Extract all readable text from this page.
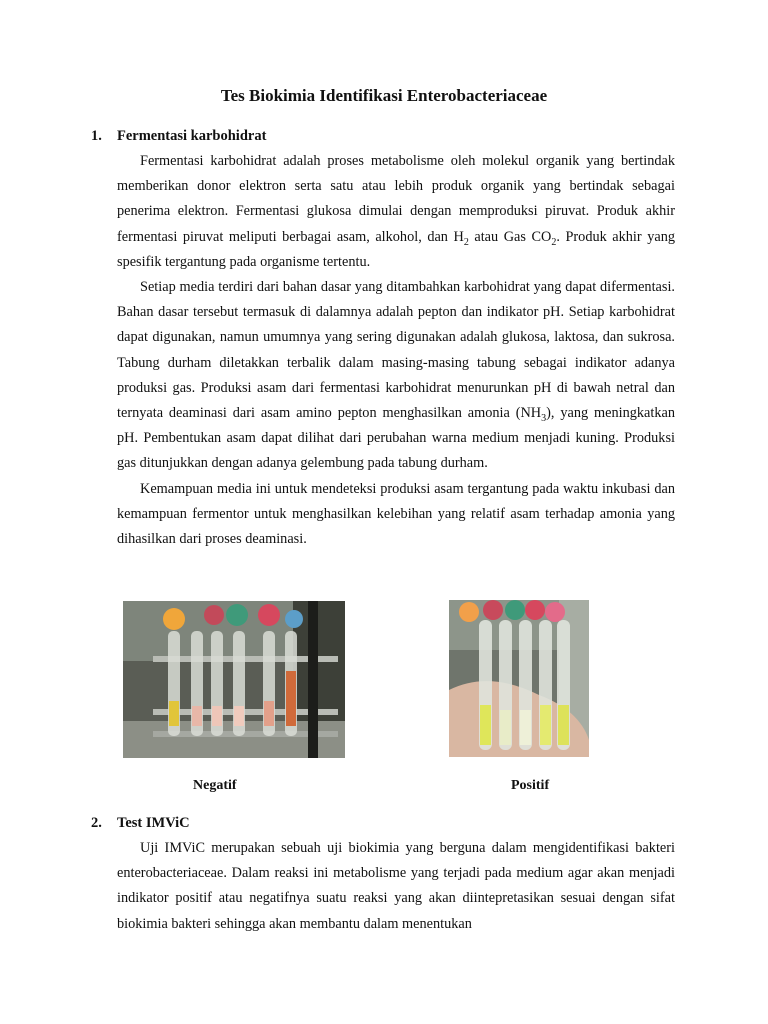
Tes Biokimia Identifikasi Enterobacteriaceae
1. Fermentasi karbohidrat

Fermentasi karbohidrat adalah proses metabolisme oleh molekul organik yang bertindak memberikan donor elektron serta satu atau lebih produk organik yang bertindak sebagai penerima elektron. Fermentasi glukosa dimulai dengan memproduksi piruvat. Produk akhir fermentasi piruvat meliputi berbagai asam, alkohol, dan $H_2$ atau Gas $CO_2$. Produk akhir yang spesifik tergantung pada organisme tertentu.

Setiap media terdiri dari bahan dasar yang ditambahkan karbohidrat yang dapat difermentasi. Bahan dasar tersebut termasuk di dalamnya adalah pepton dan indikator pH. Setiap karbohidrat dapat digunakan, namun umumnya yang sering digunakan adalah glukosa, laktosa, dan sukrosa. Tabung durham diletakkan terbalik dalam masing-masing tabung sebagai indikator adanya produksi gas. Produksi asam dari fermentasi karbohidrat menurunkan pH di bawah netral dan ternyata deaminasi dari asam amino pepton menghasilkan amonia $(NH_3)$, yang meningkatkan pH. Pembentukan asam dapat dilihat dari perubahan warna medium menjadi kuning. Produksi gas ditunjukkan dengan adanya gelembung pada tabung durham.

Kemampuan media ini untuk mendeteksi produksi asam tergantung pada waktu inkubasi dan kemampuan fermentor untuk menghasilkan kelebihan yang relatif asam terhadap amonia yang dihasilkan dari proses deaminasi.

Negatif	Positif
2. Test IMViC

Uji IMViC merupakan sebuah uji biokimia yang berguna dalam mengidentifikasi bakteri enterobacteriaceae. Dalam reaksi ini metabolisme yang terjadi pada medium agar akan menjadi indikator positif atau negatifnya suatu reaksi yang akan diintepretasikan sesuai dengan sifat biokimia bakteri sehingga akan membantu dalam menentukan
